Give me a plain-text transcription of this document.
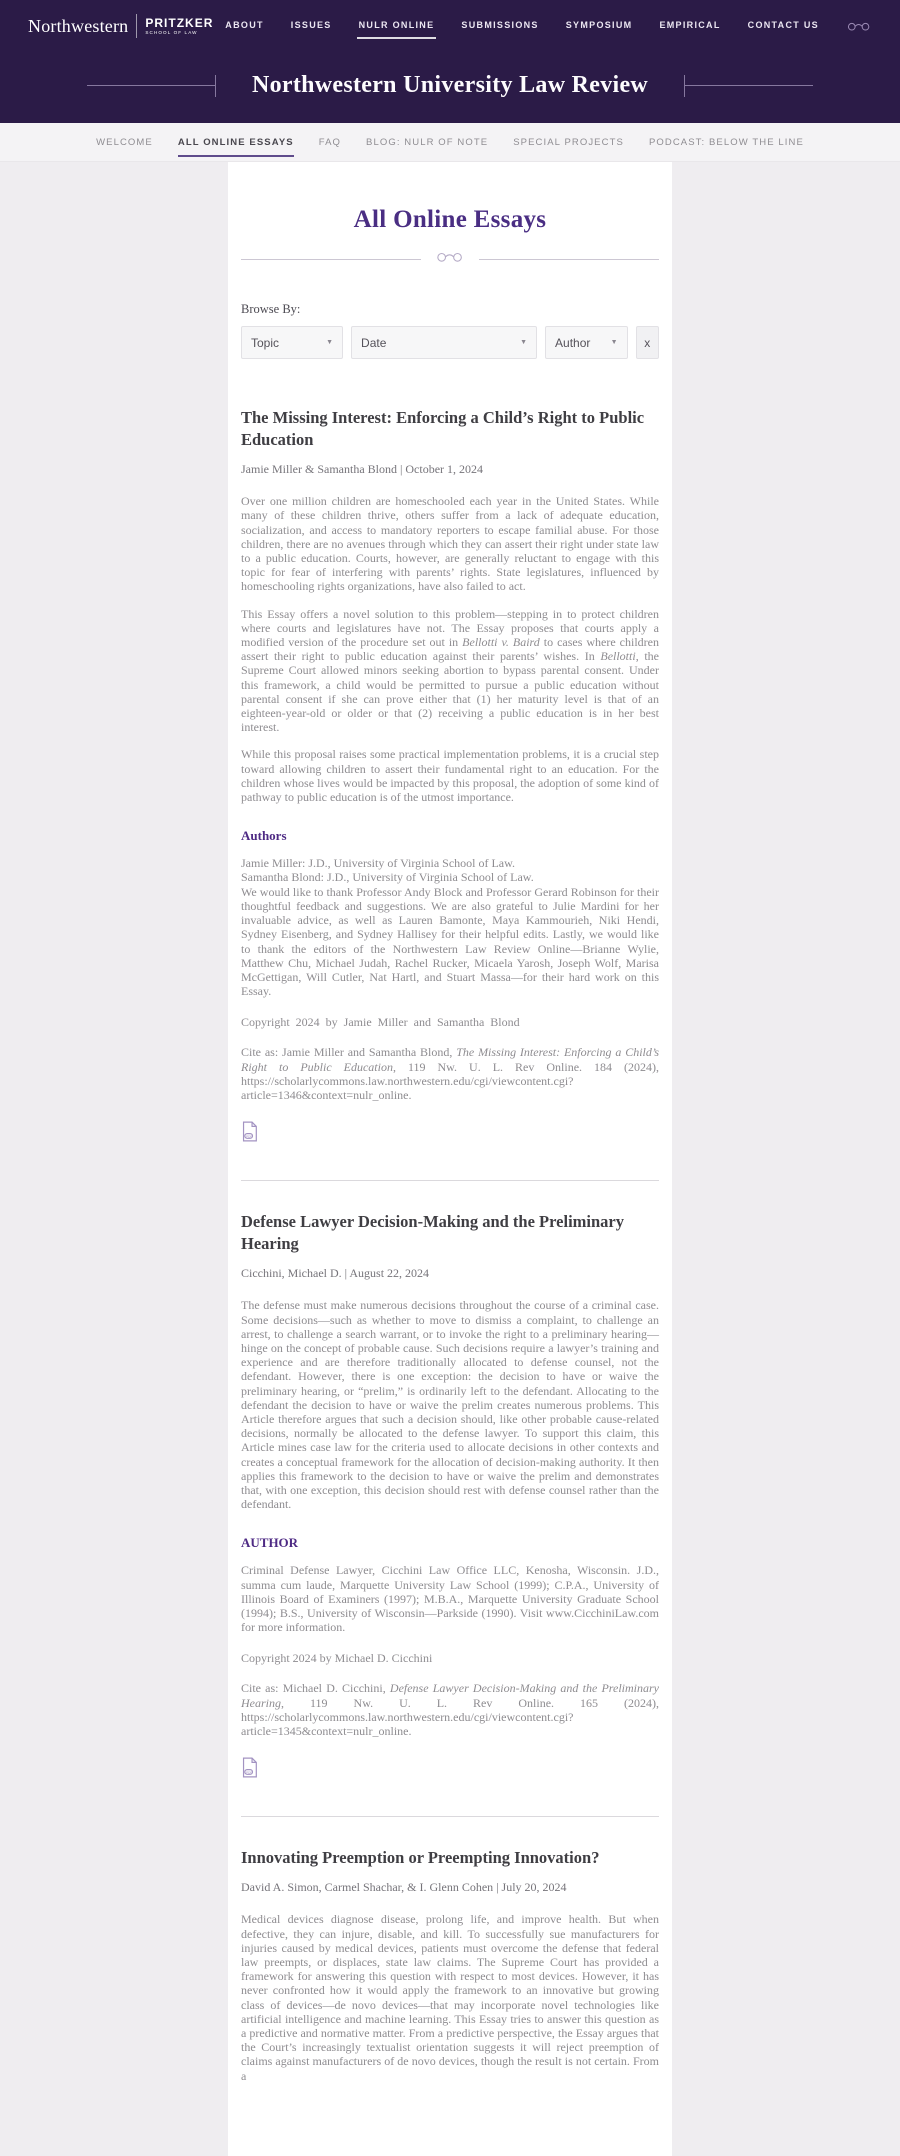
Northwestern PRITZKER
SCHOOL OF LAW
ABOUT	ISSUES	NULR ONLINE	SUBMISSIONS	SYMPOSIUM	EMPIRICAL	CONTACT US
Northwestern University Law Review
WELCOME	ALL ONLINE ESSAYS	FAQ	BLOG: NULR OF NOTE	SPECIAL PROJECTS	PODCAST: BELOW THE LINE
All Online Essays
Browse By:
Topic	▼ Date	▼ Author	▼	x
The Missing Interest: Enforcing a Child’s Right to Public Education
Jamie Miller & Samantha Blond | October 1, 2024

Over one million children are homeschooled each year in the United States. While many of these children thrive, others suffer from a lack of adequate education, socialization, and access to mandatory reporters to escape familial abuse. For those children, there are no avenues through which they can assert their right under state law to a public education. Courts, however, are generally reluctant to engage with this topic for fear of interfering with parents’ rights. State legislatures, influenced by homeschooling rights organizations, have also failed to act.

This Essay offers a novel solution to this problem—stepping in to protect children where courts and legislatures have not. The Essay proposes that courts apply a modified version of the procedure set out in Bellotti v. Baird to cases where children assert their right to public education against their parents’ wishes. In Bellotti, the Supreme Court allowed minors seeking abortion to bypass parental consent. Under this framework, a child would be permitted to pursue a public education without parental consent if she can prove either that (1) her maturity level is that of an eighteen-year-old or older or that (2) receiving a public education is in her best interest.

While this proposal raises some practical implementation problems, it is a crucial step toward allowing children to assert their fundamental right to an education. For the children whose lives would be impacted by this proposal, the adoption of some kind of pathway to public education is of the utmost importance.

Authors
Jamie Miller: J.D., University of Virginia School of Law.
Samantha Blond: J.D., University of Virginia School of Law.
We would like to thank Professor Andy Block and Professor Gerard Robinson for their thoughtful feedback and suggestions. We are also grateful to Julie Mardini for her invaluable advice, as well as Lauren Bamonte, Maya Kammourieh, Niki Hendi, Sydney Eisenberg, and Sydney Hallisey for their helpful edits. Lastly, we would like to thank the editors of the Northwestern Law Review Online—Brianne Wylie, Matthew Chu, Michael Judah, Rachel Rucker, Micaela Yarosh, Joseph Wolf, Marisa McGettigan, Will Cutler, Nat Hartl, and Stuart Massa—for their hard work on this Essay.
Copyright 2024 by Jamie Miller and Samantha Blond

Cite as: Jamie Miller and Samantha Blond, The Missing Interest: Enforcing a Child’s Right to Public Education, 119 Nw. U. L. Rev Online. 184 (2024), https://scholarlycommons.law.northwestern.edu/cgi/viewcontent.cgi?article=1346&context=nulr_online.

PDF
Defense Lawyer Decision-Making and the Preliminary Hearing
Cicchini, Michael D. | August 22, 2024

The defense must make numerous decisions throughout the course of a criminal case. Some decisions—such as whether to move to dismiss a complaint, to challenge an arrest, to challenge a search warrant, or to invoke the right to a preliminary hearing—hinge on the concept of probable cause. Such decisions require a lawyer’s training and experience and are therefore traditionally allocated to defense counsel, not the defendant. However, there is one exception: the decision to have or waive the preliminary hearing, or “prelim,” is ordinarily left to the defendant. Allocating to the defendant the decision to have or waive the prelim creates numerous problems. This Article therefore argues that such a decision should, like other probable cause-related decisions, normally be allocated to the defense lawyer. To support this claim, this Article mines case law for the criteria used to allocate decisions in other contexts and creates a conceptual framework for the allocation of decision-making authority. It then applies this framework to the decision to have or waive the prelim and demonstrates that, with one exception, this decision should rest with defense counsel rather than the defendant.

AUTHOR

Criminal Defense Lawyer, Cicchini Law Office LLC, Kenosha, Wisconsin. J.D., summa cum laude, Marquette University Law School (1999); C.P.A., University of Illinois Board of Examiners (1997); M.B.A., Marquette University Graduate School (1994); B.S., University of Wisconsin—Parkside (1990). Visit www.CicchiniLaw.com for more information.

Copyright 2024 by Michael D. Cicchini

Cite as: Michael D. Cicchini, Defense Lawyer Decision-Making and the Preliminary Hearing, 119 Nw. U. L. Rev Online. 165 (2024), https://scholarlycommons.law.northwestern.edu/cgi/viewcontent.cgi?article=1345&context=nulr_online.

PDF
Innovating Preemption or Preempting Innovation?
David A. Simon, Carmel Shachar, & I. Glenn Cohen | July 20, 2024

Medical devices diagnose disease, prolong life, and improve health. But when defective, they can injure, disable, and kill. To successfully sue manufacturers for injuries caused by medical devices, patients must overcome the defense that federal law preempts, or displaces, state law claims. The Supreme Court has provided a framework for answering this question with respect to most devices. However, it has never confronted how it would apply the framework to an innovative but growing class of devices—de novo devices—that may incorporate novel technologies like artificial intelligence and machine learning. This Essay tries to answer this question as a predictive and normative matter. From a predictive perspective, the Essay argues that the Court’s increasingly textualist orientation suggests it will reject preemption of claims against manufacturers of de novo devices, though the result is not certain. From a
